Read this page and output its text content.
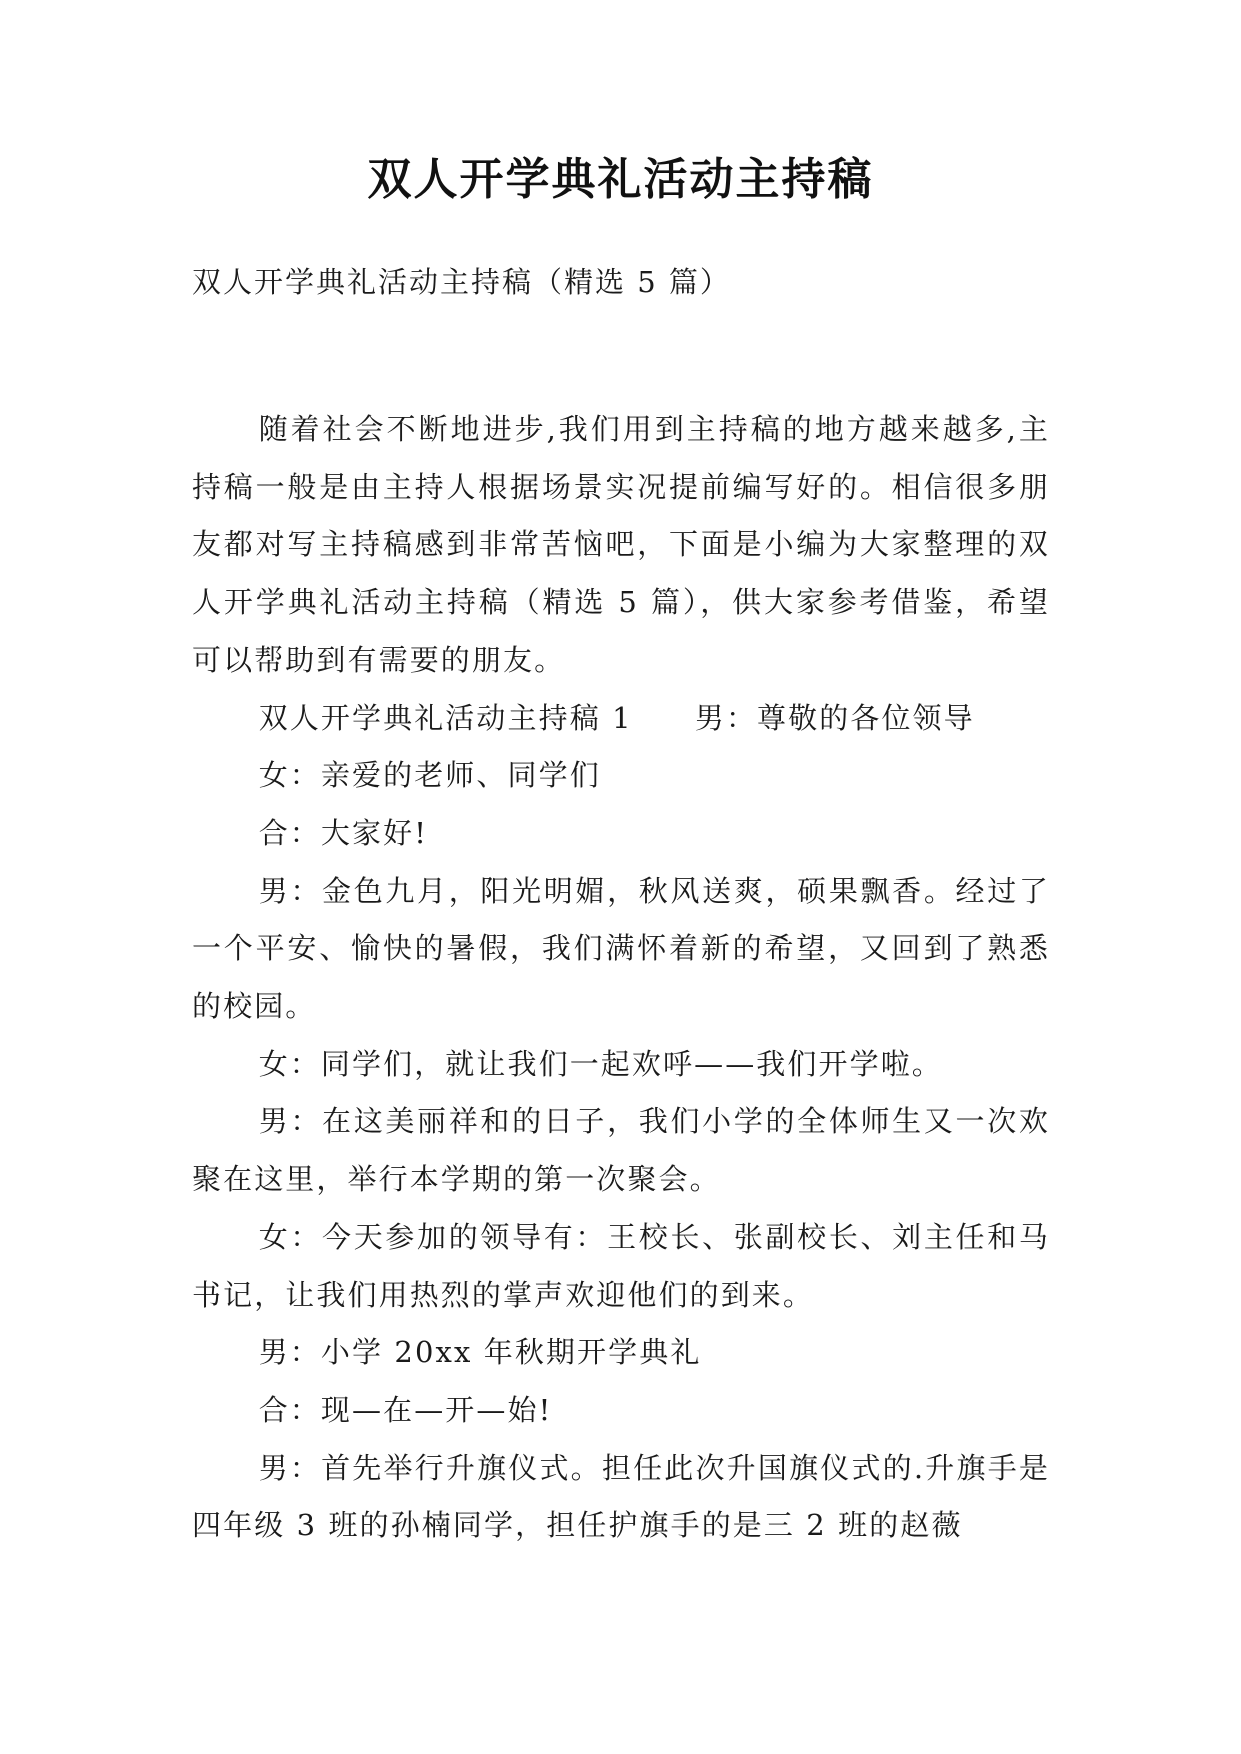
双人开学典礼活动主持稿
双人开学典礼活动主持稿（精选 5 篇）

随着社会不断地进步,我们用到主持稿的地方越来越多,主持稿一般是由主持人根据场景实况提前编写好的。相信很多朋友都对写主持稿感到非常苦恼吧，下面是小编为大家整理的双人开学典礼活动主持稿（精选 5 篇），供大家参考借鉴，希望可以帮助到有需要的朋友。

双人开学典礼活动主持稿 1　　男：尊敬的各位领导

女：亲爱的老师、同学们

合：大家好!

男：金色九月，阳光明媚，秋风送爽，硕果飘香。经过了一个平安、愉快的暑假，我们满怀着新的希望，又回到了熟悉的校园。

女：同学们，就让我们一起欢呼——我们开学啦。

男：在这美丽祥和的日子，我们小学的全体师生又一次欢聚在这里，举行本学期的第一次聚会。

女：今天参加的领导有：王校长、张副校长、刘主任和马书记，让我们用热烈的掌声欢迎他们的到来。

男：小学 20xx 年秋期开学典礼

合：现—在—开—始!

男：首先举行升旗仪式。担任此次升国旗仪式的.升旗手是四年级 3 班的孙楠同学，担任护旗手的是三 2 班的赵薇
